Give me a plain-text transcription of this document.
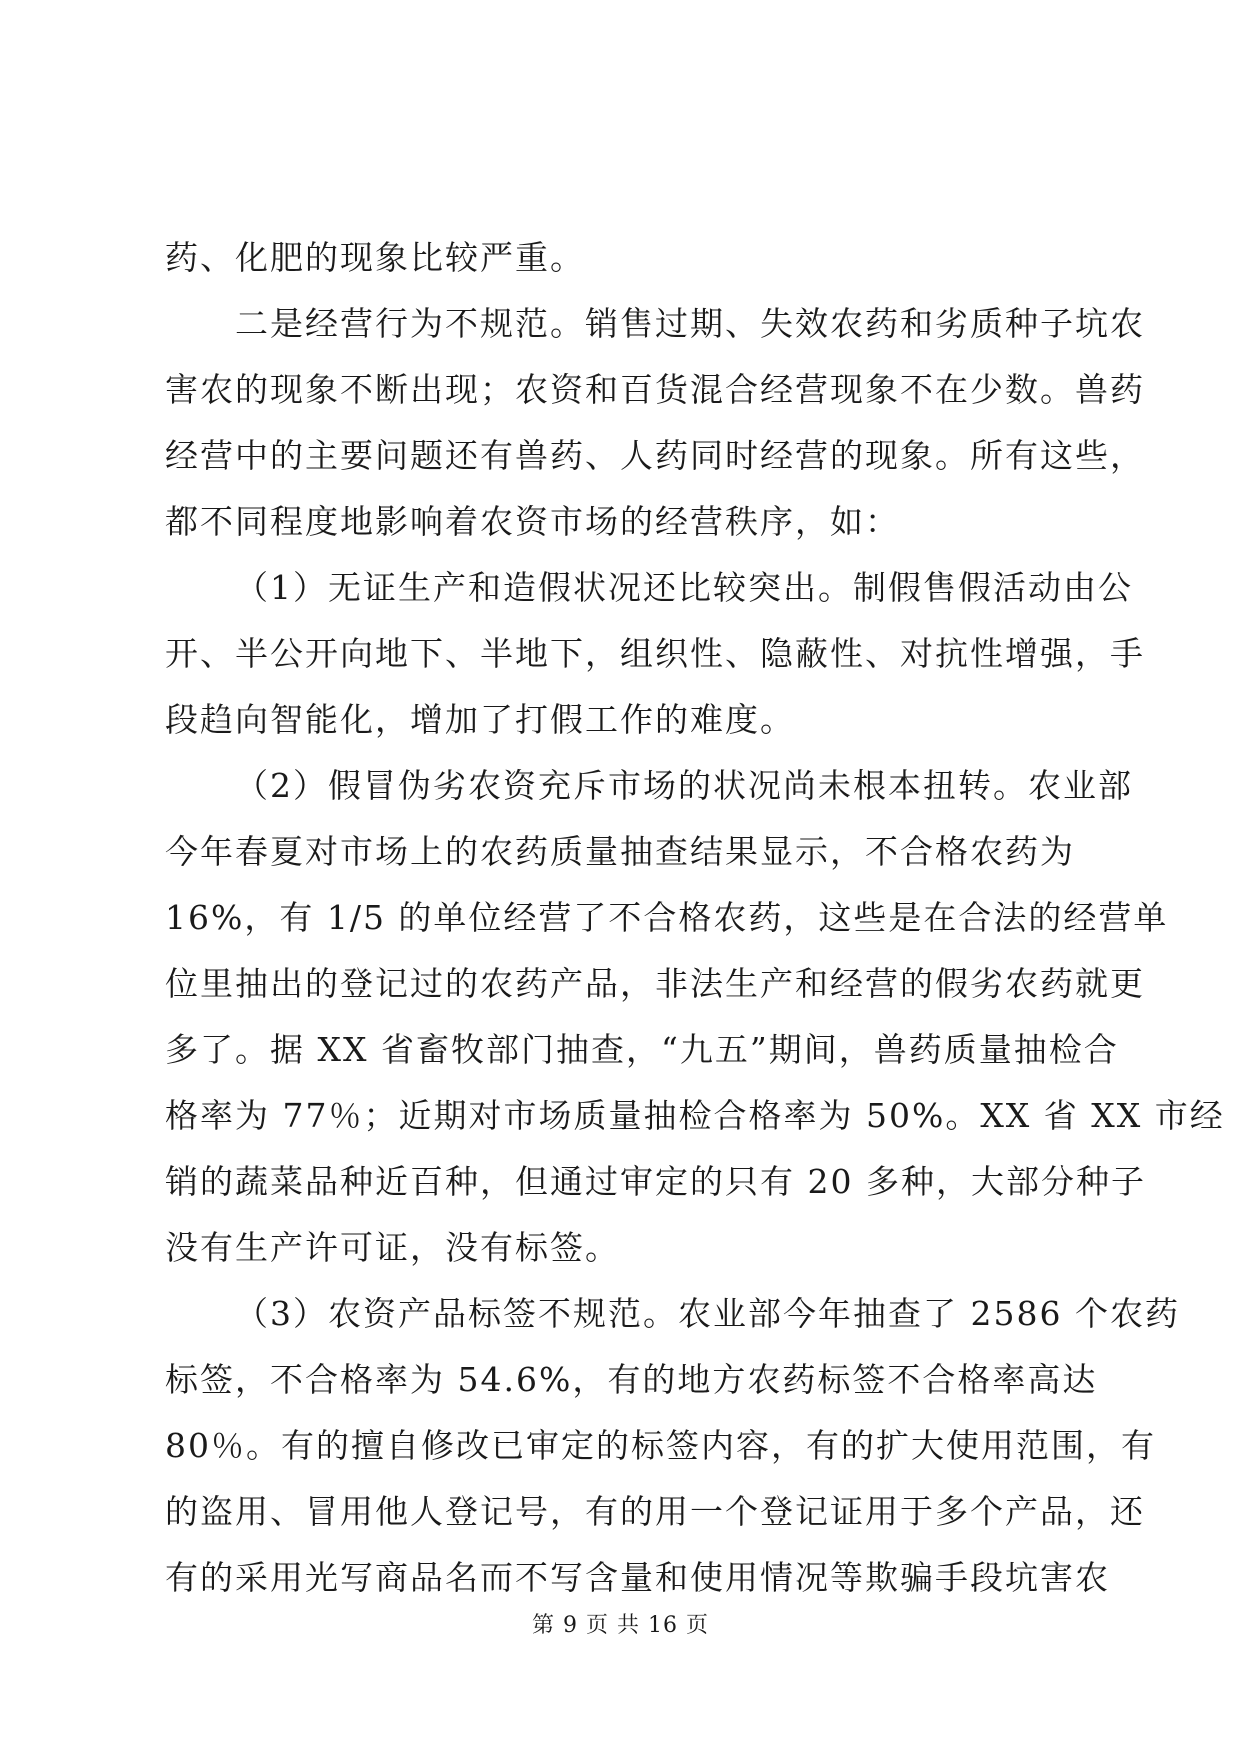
药、化肥的现象比较严重。
二是经营行为不规范。销售过期、失效农药和劣质种子坑农
害农的现象不断出现；农资和百货混合经营现象不在少数。兽药
经营中的主要问题还有兽药、人药同时经营的现象。所有这些，
都不同程度地影响着农资市场的经营秩序，如：
（1）无证生产和造假状况还比较突出。制假售假活动由公
开、半公开向地下、半地下，组织性、隐蔽性、对抗性增强，手
段趋向智能化，增加了打假工作的难度。
（2）假冒伪劣农资充斥市场的状况尚未根本扭转。农业部
今年春夏对市场上的农药质量抽查结果显示，不合格农药为
16%，有 1/5 的单位经营了不合格农药，这些是在合法的经营单
位里抽出的登记过的农药产品，非法生产和经营的假劣农药就更
多了。据 XX 省畜牧部门抽查，“九五”期间，兽药质量抽检合
格率为 77％；近期对市场质量抽检合格率为 50%。XX 省 XX 市经
销的蔬菜品种近百种，但通过审定的只有 20 多种，大部分种子
没有生产许可证，没有标签。
（3）农资产品标签不规范。农业部今年抽查了 2586 个农药
标签，不合格率为 54.6%，有的地方农药标签不合格率高达
80％。有的擅自修改已审定的标签内容，有的扩大使用范围，有
的盗用、冒用他人登记号，有的用一个登记证用于多个产品，还
有的采用光写商品名而不写含量和使用情况等欺骗手段坑害农
第 9 页 共 16 页
